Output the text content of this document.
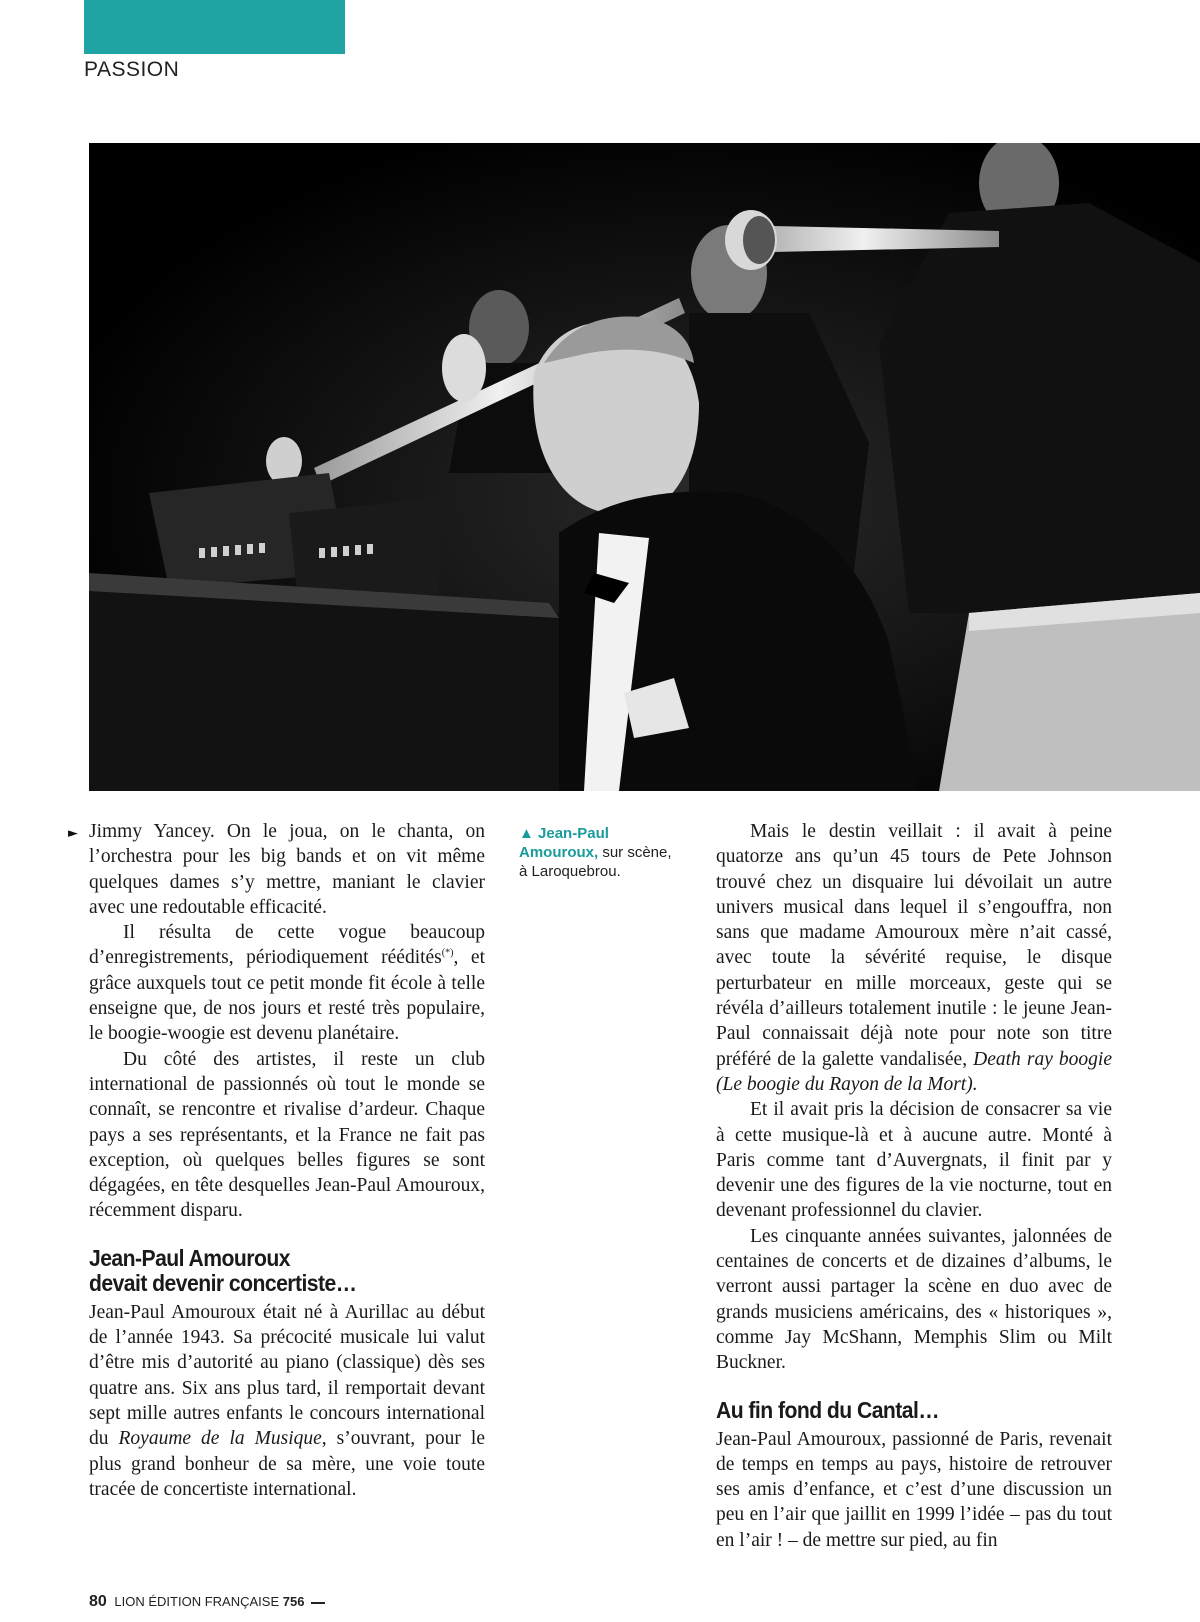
PASSION
► Jimmy Yancey. On le joua, on le chanta, on l’orchestra pour les big bands et on vit même quelques dames s’y mettre, maniant le clavier avec une redoutable efficacité.

Il résulta de cette vogue beaucoup d’enregistrements, périodiquement réédités(*), et grâce auxquels tout ce petit monde fit école à telle enseigne que, de nos jours et resté très populaire, le boogie-woogie est devenu planétaire.

Du côté des artistes, il reste un club international de passionnés où tout le monde se connaît, se rencontre et rivalise d’ardeur. Chaque pays a ses représentants, et la France ne fait pas exception, où quelques belles figures se sont dégagées, en tête desquelles Jean-Paul Amouroux, récemment disparu.

Jean-Paul Amouroux
devait devenir concertiste…

Jean-Paul Amouroux était né à Aurillac au début de l’année 1943. Sa précocité musicale lui valut d’être mis d’autorité au piano (classique) dès ses quatre ans. Six ans plus tard, il remportait devant sept mille autres enfants le concours international du Royaume de la Musique, s’ouvrant, pour le plus grand bonheur de sa mère, une voie toute tracée de concertiste international.

▲ Jean-Paul Amouroux, sur scène, à Laroquebrou.

Mais le destin veillait : il avait à peine quatorze ans qu’un 45 tours de Pete Johnson trouvé chez un disquaire lui dévoilait un autre univers musical dans lequel il s’engouffra, non sans que madame Amouroux mère n’ait cassé, avec toute la sévérité requise, le disque perturbateur en mille morceaux, geste qui se révéla d’ailleurs totalement inutile : le jeune Jean-Paul connaissait déjà note pour note son titre préféré de la galette vandalisée, Death ray boogie (Le boogie du Rayon de la Mort).

Et il avait pris la décision de consacrer sa vie à cette musique-là et à aucune autre. Monté à Paris comme tant d’Auvergnats, il finit par y devenir une des figures de la vie nocturne, tout en devenant professionnel du clavier.

Les cinquante années suivantes, jalonnées de centaines de concerts et de dizaines d’albums, le verront aussi partager la scène en duo avec de grands musiciens américains, des « historiques », comme Jay McShann, Memphis Slim ou Milt Buckner.

Au fin fond du Cantal…

Jean-Paul Amouroux, passionné de Paris, revenait de temps en temps au pays, histoire de retrouver ses amis d’enfance, et c’est d’une discussion un peu en l’air que jaillit en 1999 l’idée – pas du tout en l’air ! – de mettre sur pied, au fin

80 LION ÉDITION FRANÇAISE 756
